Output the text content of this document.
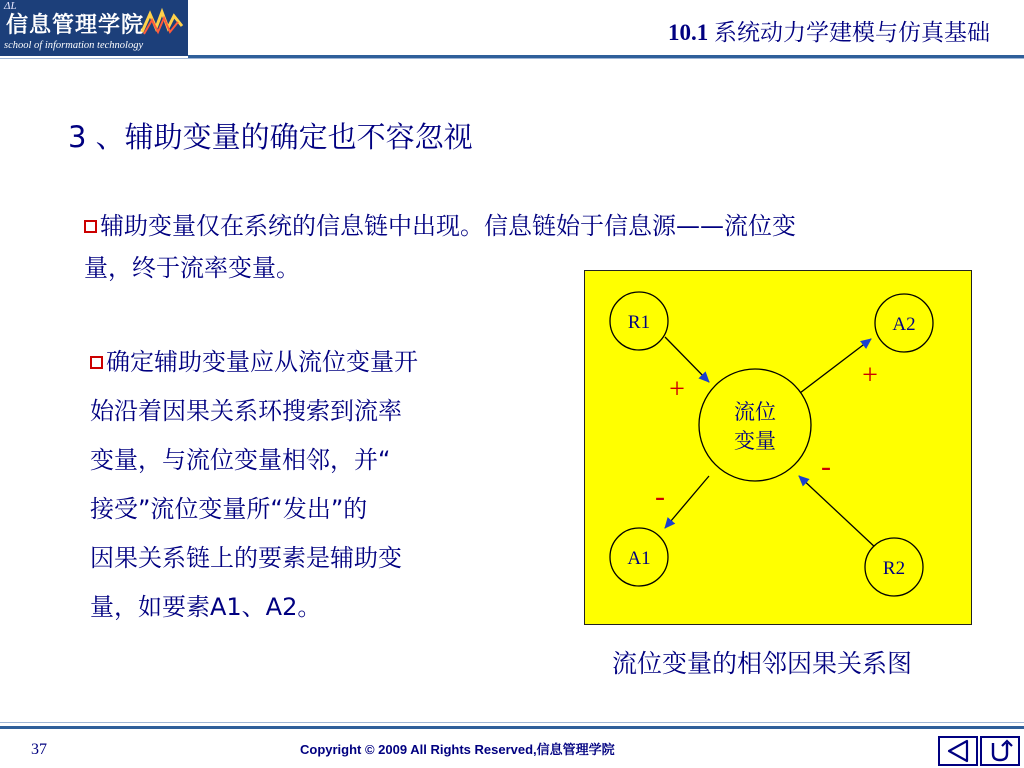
ΔL
信息管理学院
school of information technology
10.1 系统动力学建模与仿真基础
3 、辅助变量的确定也不容忽视
辅助变量仅在系统的信息链中出现。信息链始于信息源——流位变
量，终于流率变量。
确定辅助变量应从流位变量开
始沿着因果关系环搜索到流率
变量，与流位变量相邻，并“
接受”流位变量所“发出”的
因果关系链上的要素是辅助变
量，如要素A1、A2。
流位
变量
R1	A2
A1	R2
+	+
-
-
流位变量的相邻因果关系图
37	Copyright © 2009 All Rights Reserved,信息管理学院
